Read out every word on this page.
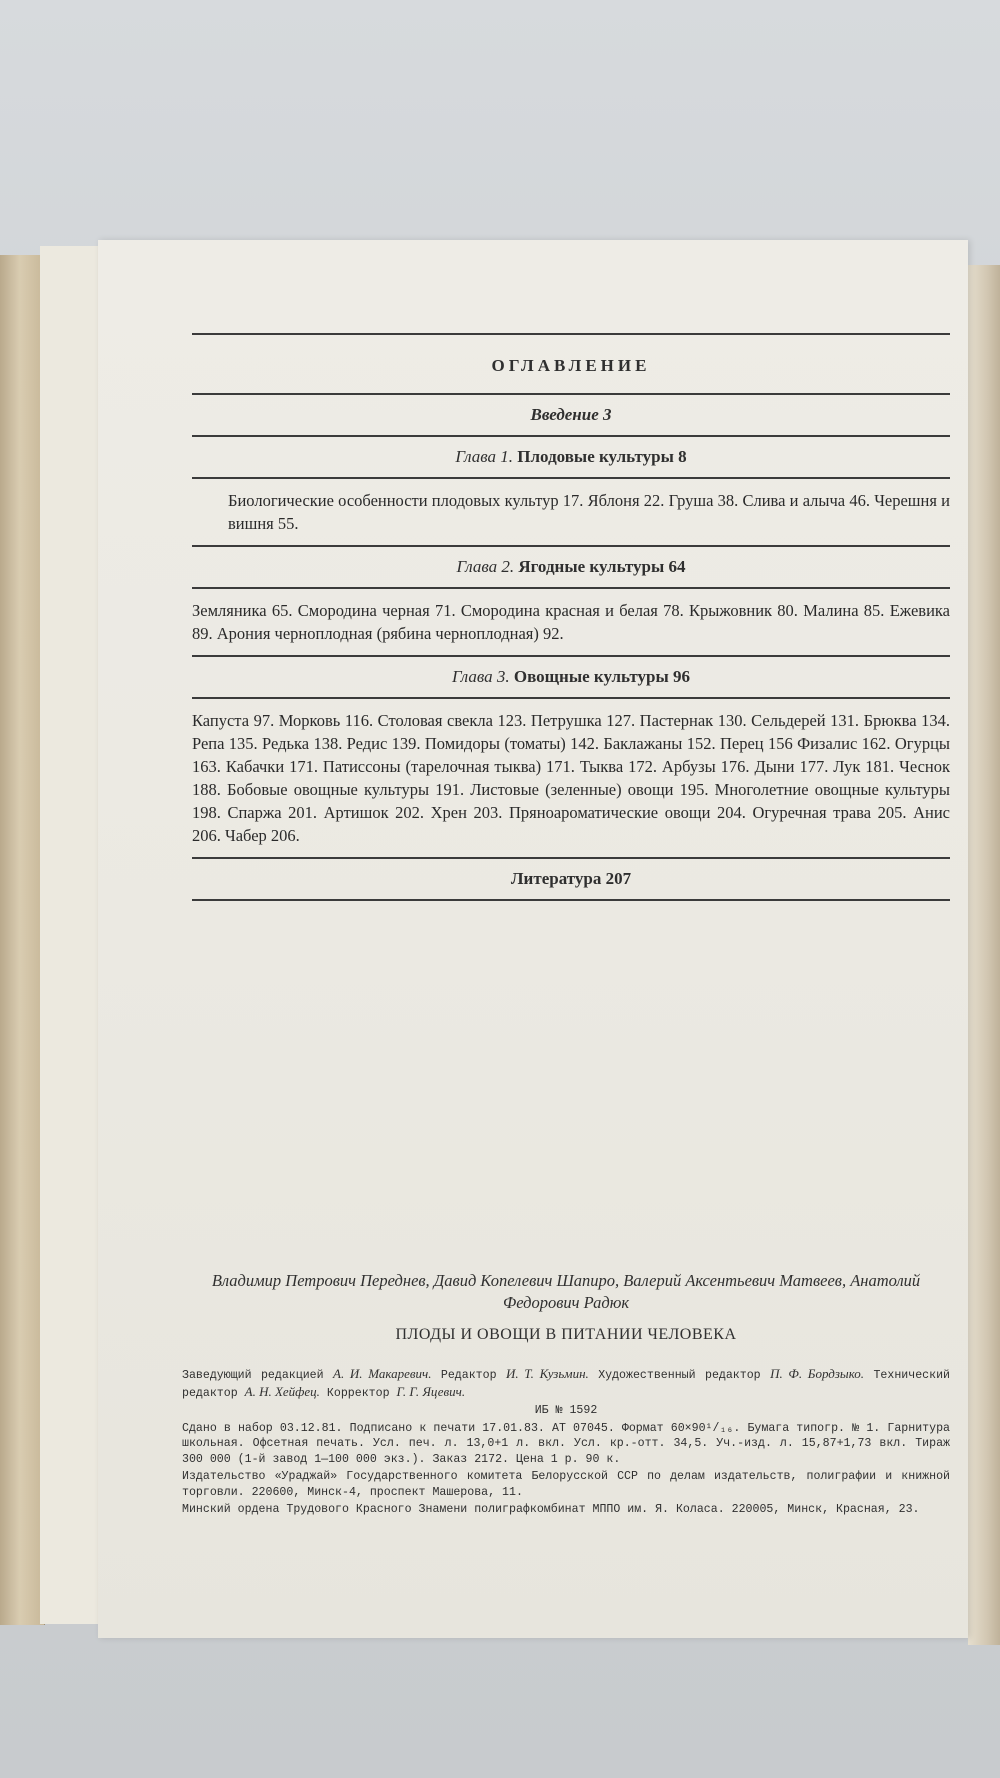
ОГЛАВЛЕНИЕ
Введение 3
Глава 1. Плодовые культуры 8

Биологические особенности плодовых культур 17. Яблоня 22. Груша 38. Слива и алыча 46. Черешня и вишня 55.

Глава 2. Ягодные культуры 64

Земляника 65. Смородина черная 71. Смородина красная и белая 78. Крыжовник 80. Малина 85. Ежевика 89. Арония черноплодная (рябина черноплодная) 92.

Глава 3. Овощные культуры 96

Капуста 97. Морковь 116. Столовая свекла 123. Петрушка 127. Пастернак 130. Сельдерей 131. Брюква 134. Репа 135. Редька 138. Редис 139. Помидоры (томаты) 142. Баклажаны 152. Перец 156 Физалис 162. Огурцы 163. Кабачки 171. Патиссоны (тарелочная тыква) 171. Тыква 172. Арбузы 176. Дыни 177. Лук 181. Чеснок 188. Бобовые овощные культуры 191. Листовые (зеленные) овощи 195. Многолетние овощные культуры 198. Спаржа 201. Артишок 202. Хрен 203. Пряноароматические овощи 204. Огуречная трава 205. Анис 206. Чабер 206.

Литература 207

Владимир Петрович Переднев, Давид Копелевич Шапиро, Валерий Аксентьевич Матвеев, Анатолий Федорович Радюк

ПЛОДЫ И ОВОЩИ В ПИТАНИИ ЧЕЛОВЕКА

Заведующий редакцией А. И. Макаревич. Редактор И. Т. Кузьмин. Художественный редактор П. Ф. Бордзыко. Технический редактор А. Н. Хейфец. Корректор Г. Г. Яцевич.

ИБ № 1592

Сдано в набор 03.12.81. Подписано к печати 17.01.83. АТ 07045. Формат 60×90¹/₁₆. Бумага типогр. № 1. Гарнитура школьная. Офсетная печать. Усл. печ. л. 13,0+1 л. вкл. Усл. кр.-отт. 34,5. Уч.-изд. л. 15,87+1,73 вкл. Тираж 300 000 (1-й завод 1—100 000 экз.). Заказ 2172. Цена 1 р. 90 к.

Издательство «Ураджай» Государственного комитета Белорусской ССР по делам издательств, полиграфии и книжной торговли. 220600, Минск-4, проспект Машерова, 11.

Минский ордена Трудового Красного Знамени полиграфкомбинат МППО им. Я. Коласа. 220005, Минск, Красная, 23.
